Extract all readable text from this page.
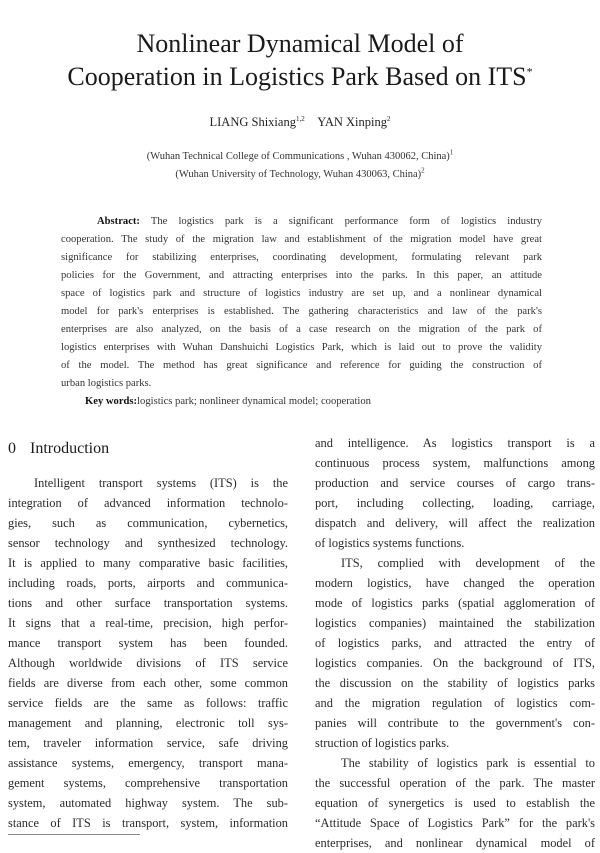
Nonlinear Dynamical Model of
Cooperation in Logistics Park Based on ITS*
LIANG Shixiang$^{1,2}$ YAN Xinping$^2$
(Wuhan Technical College of Communications , Wuhan 430062, China)$^1$
(Wuhan University of Technology, Wuhan 430063, China)$^2$
Abstract: The logistics park is a significant performance form of logistics industry
cooperation. The study of the migration law and establishment of the migration model have great
significance for stabilizing enterprises, coordinating development, formulating relevant park
policies for the Government, and attracting enterprises into the parks. In this paper, an attitude
space of logistics park and structure of logistics industry are set up, and a nonlinear dynamical
model for park's enterprises is established. The gathering characteristics and law of the park's
enterprises are also analyzed, on the basis of a case research on the migration of the park of
logistics enterprises with Wuhan Danshuichi Logistics Park, which is laid out to prove the validity
of the model. The method has great significance and reference for guiding the construction of
urban logistics parks.
Key words:logistics park; nonlineer dynamical model; cooperation
0 Introduction
Intelligent transport systems (ITS) is the
integration of advanced information technolo-
gies, such as communication, cybernetics,
sensor technology and synthesized technology.
It is applied to many comparative basic facilities,
including roads, ports, airports and communica-
tions and other surface transportation systems.
It signs that a real-time, precision, high perfor-
mance transport system has been founded.
Although worldwide divisions of ITS service
fields are diverse from each other, some common
service fields are the same as follows: traffic
management and planning, electronic toll sys-
tem, traveler information service, safe driving
assistance systems, emergency, transport mana-
gement systems, comprehensive transportation
system, automated highway system. The sub-
stance of ITS is transport, system, information
and intelligence. As logistics transport is a
continuous process system, malfunctions among
production and service courses of cargo trans-
port, including collecting, loading, carriage,
dispatch and delivery, will affect the realization
of logistics systems functions.
ITS, complied with development of the
modern logistics, have changed the operation
mode of logistics parks (spatial agglomeration of
logistics companies) maintained the stabilization
of logistics parks, and attracted the entry of
logistics companies. On the background of ITS,
the discussion on the stability of logistics parks
and the migration regulation of logistics com-
panies will contribute to the government's con-
struction of logistics parks.
The stability of logistics park is essential to
the successful operation of the park. The master
equation of synergetics is used to establish the
“Attitude Space of Logistics Park” for the park's
enterprises, and nonlinear dynamical model of
